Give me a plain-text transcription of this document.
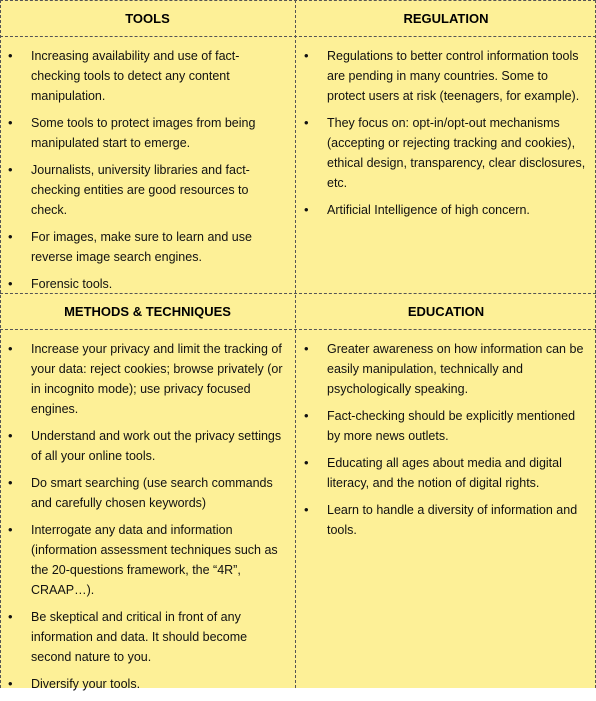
TOOLS	REGULATION
• Increasing availability and use of fact-checking tools to detect any content manipulation.
• Some tools to protect images from being manipulated start to emerge.
• Journalists, university libraries and fact-checking entities are good resources to check.
• For images, make sure to learn and use reverse image search engines.
• Forensic tools.
• Regulations to better control information tools are pending in many countries. Some to protect users at risk (teenagers, for example).
• They focus on: opt-in/opt-out mechanisms (accepting or rejecting tracking and cookies), ethical design, transparency, clear disclosures, etc.
• Artificial Intelligence of high concern.
METHODS & TECHNIQUES	EDUCATION
• Increase your privacy and limit the tracking of your data: reject cookies; browse privately (or in incognito mode); use privacy focused engines.
• Understand and work out the privacy settings of all your online tools.
• Do smart searching (use search commands and carefully chosen keywords)
• Interrogate any data and information (information assessment techniques such as the 20-questions framework, the “4R”, CRAAP…).
• Be skeptical and critical in front of any information and data. It should become second nature to you.
• Diversify your tools.
• Greater awareness on how information can be easily manipulation, technically and psychologically speaking.
• Fact-checking should be explicitly mentioned by more news outlets.
• Educating all ages about media and digital literacy, and the notion of digital rights.
• Learn to handle a diversity of information and tools.
